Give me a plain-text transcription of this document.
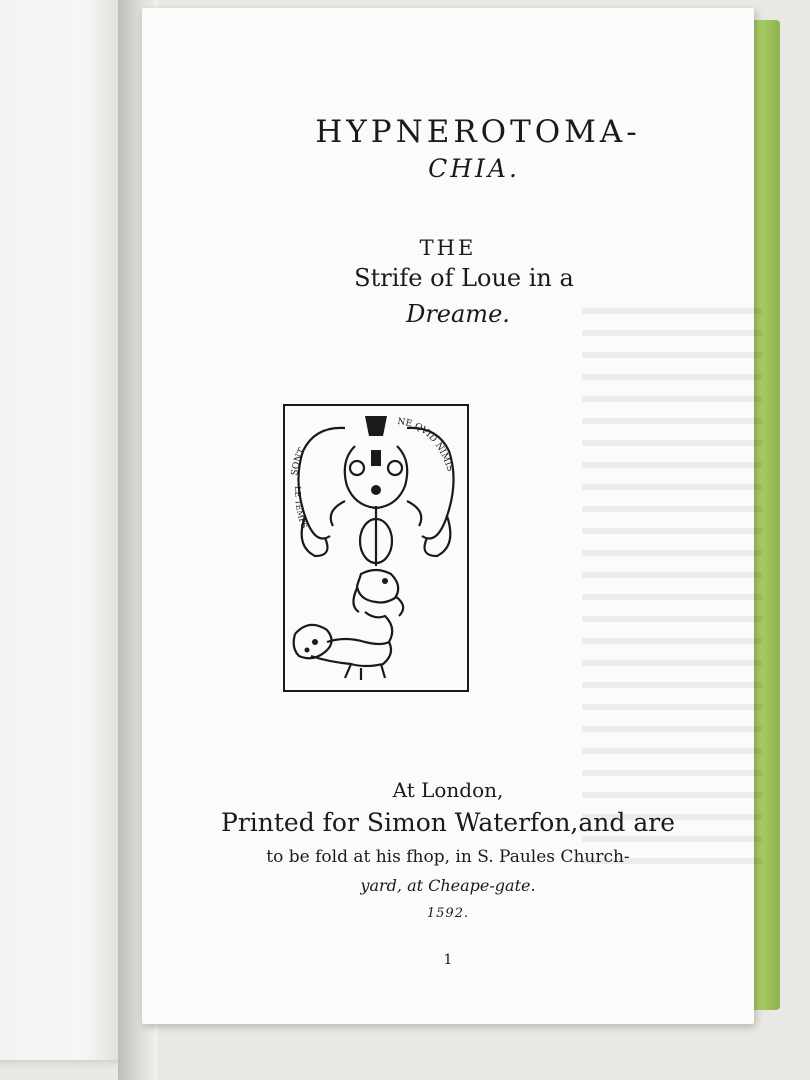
HYPNEROTOMA-
CHIA.
THE
Strife of Loue in a
Dreame.
SONT
NE QVID NIMIS
LE TEMPS
At London,
Printed for Simon Waterfon,and are
to be fold at his fhop, in S. Paules Church-
yard, at Cheape-gate.
1592.
1
